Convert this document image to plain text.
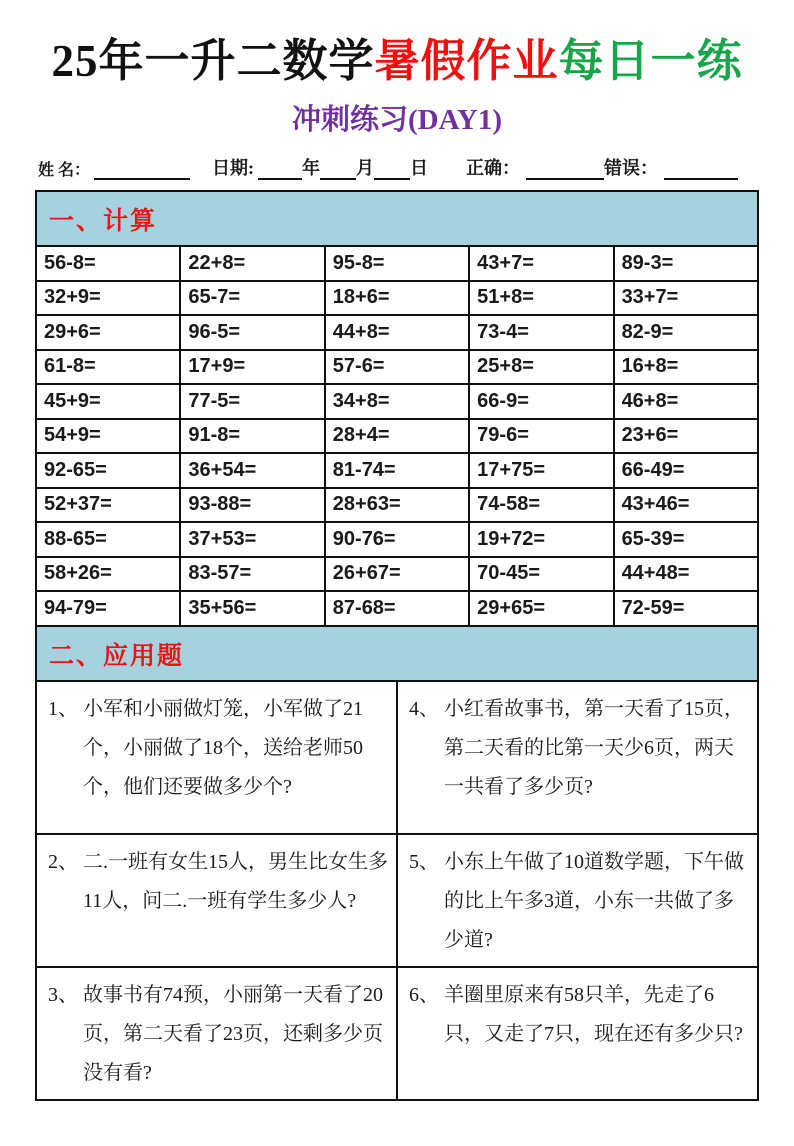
25年一升二数学暑假作业每日一练
冲刺练习(DAY1)
姓 名：	日期:	年 月 日 正确：	错误：
一、计算
56-8=	22+8=	95-8=	43+7=	89-3=
32+9=	65-7=	18+6=	51+8=	33+7=
29+6=	96-5=	44+8=	73-4=	82-9=
61-8=	17+9=	57-6=	25+8=	16+8=
45+9=	77-5=	34+8=	66-9=	46+8=
54+9=	91-8=	28+4=	79-6=	23+6=
92-65=	36+54=	81-74=	17+75=	66-49=
52+37=	93-88=	28+63=	74-58=	43+46=
88-65=	37+53=	90-76=	19+72=	65-39=
58+26=	83-57=	26+67=	70-45=	44+48=
94-79=	35+56=	87-68=	29+65=	72-59=
二、应用题
1、 小军和小丽做灯笼，小军做了21个，小丽做了18个，送给老师50个，他们还要做多少个?	4、 小红看故事书，第一天看了15页，第二天看的比第一天少6页，两天一共看了多少页?

2、 二.一班有女生15人，男生比女生多11人，问二.一班有学生多少人?	5、 小东上午做了10道数学题，下午做的比上午多3道，小东一共做了多少道?

3、 故事书有74预，小丽第一天看了20页，第二天看了23页，还剩多少页没有看?	6、 羊圈里原来有58只羊，先走了6只，又走了7只，现在还有多少只?
